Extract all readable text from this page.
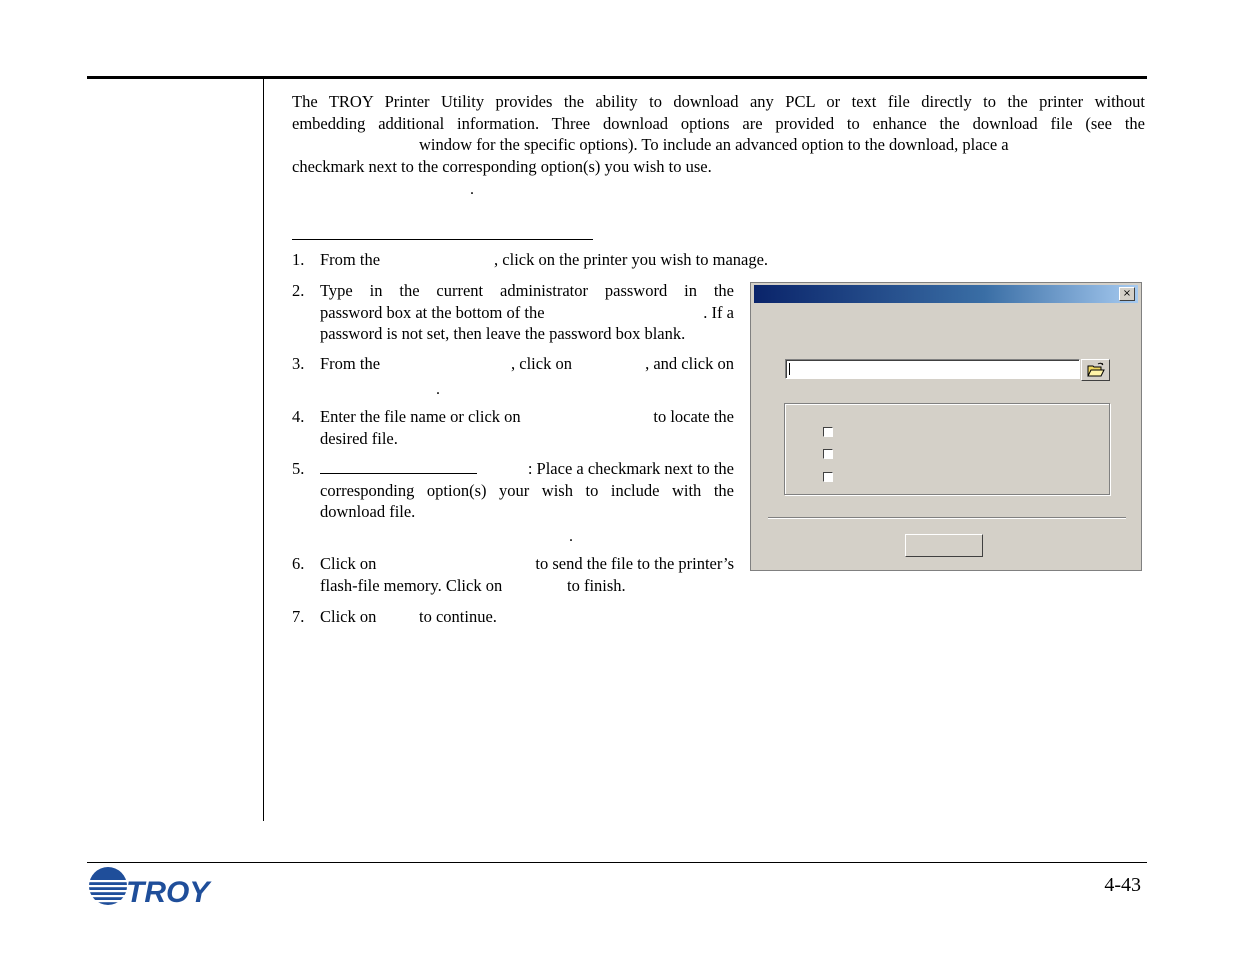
The TROY Printer Utility provides the ability to download any PCL or text file directly to the printer without
embedding additional information. Three download options are provided to enhance the download file (see the
window for the specific options). To include an advanced option to the download, place a
checkmark next to the corresponding option(s) you wish to use.
.
1. From the	, click on the printer you wish to manage.
2. Type in the current administrator password in the
password box at the bottom of the	. If a
password is not set, then leave the password box blank.
3. From the	, click on	, and click on
.
4. Enter the file name or click on	to locate the
desired file.
5.	: Place a checkmark next to the
corresponding option(s) your wish to include with the
download file.
.
6. Click on	to send the file to the printer’s
flash-file memory. Click on	to finish.
7. Click on	to continue.
×
TROY	4-43
